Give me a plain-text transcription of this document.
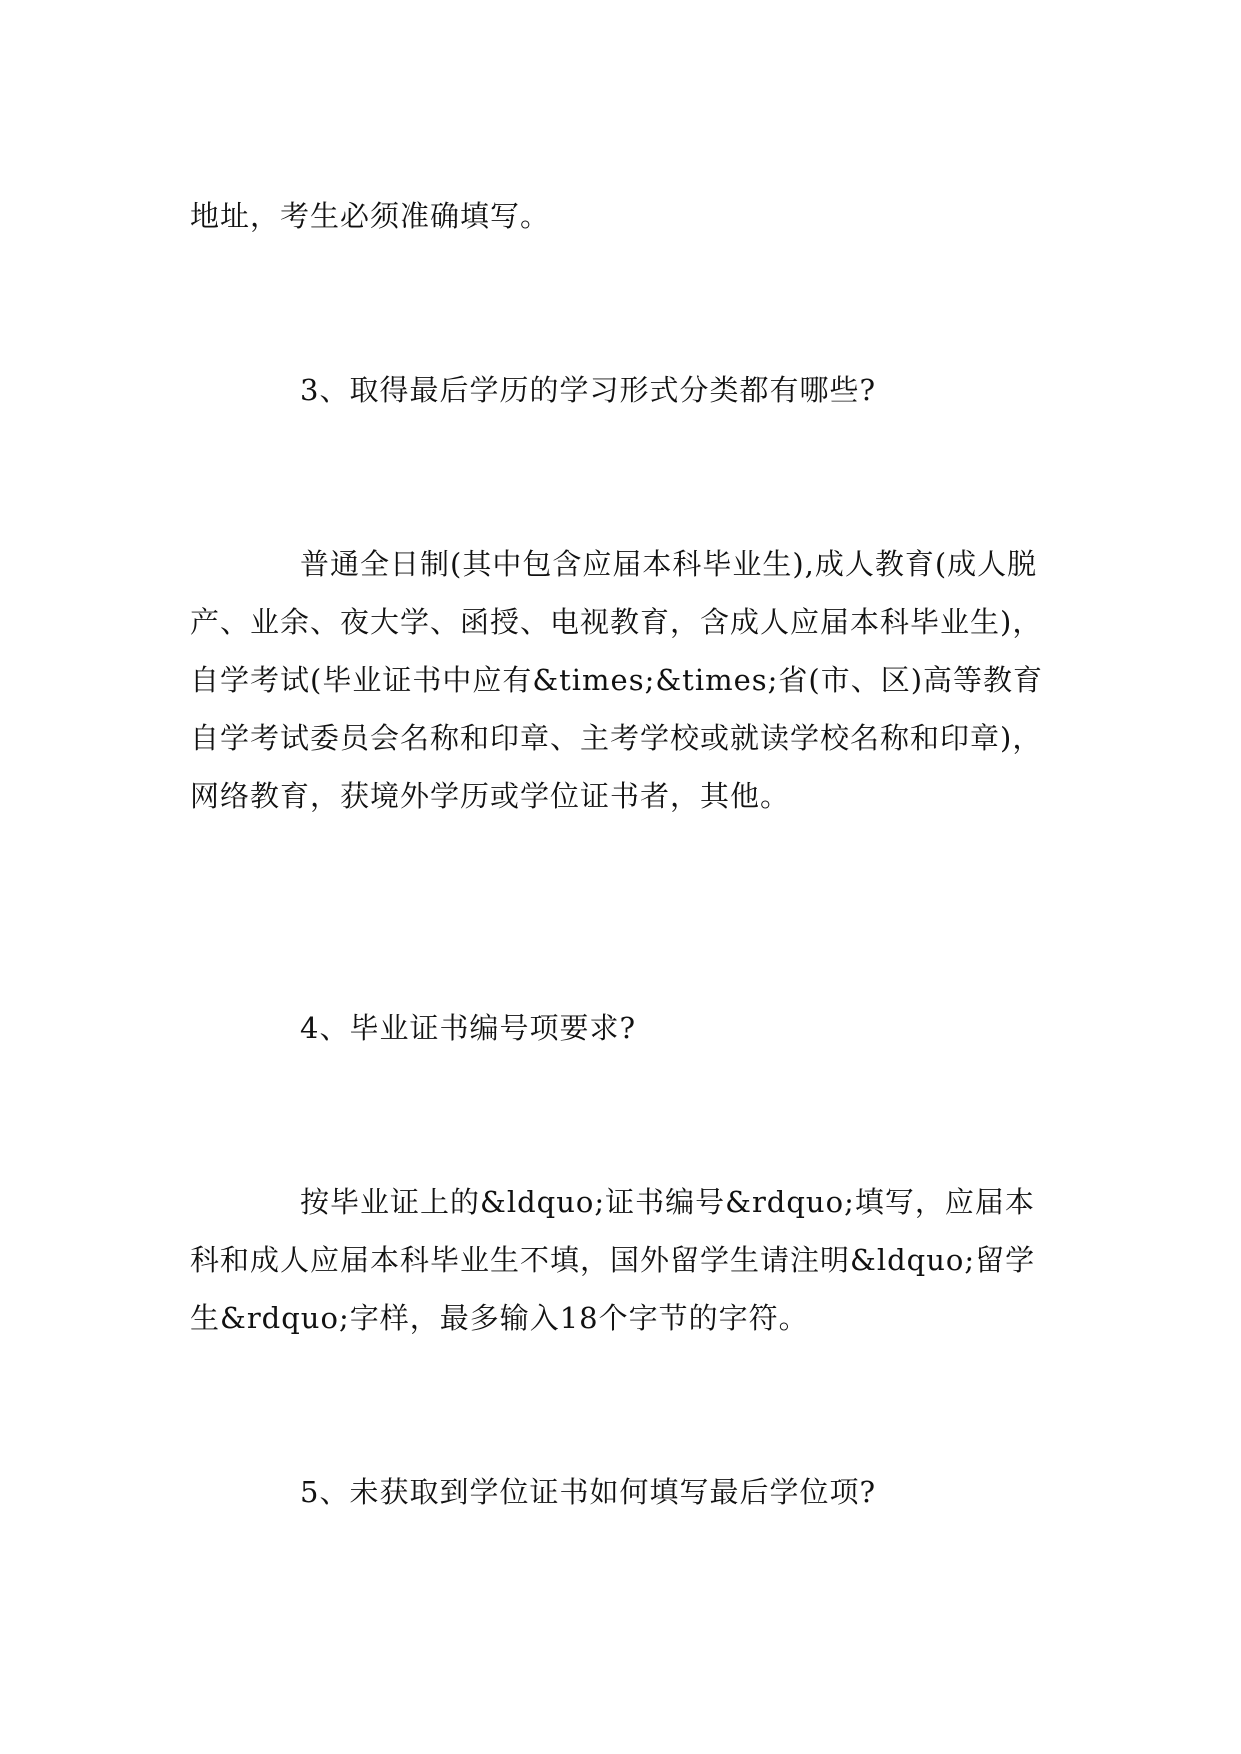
地址，考生必须准确填写。

3、取得最后学历的学习形式分类都有哪些?

普通全日制(其中包含应届本科毕业生),成人教育(成人脱产、业余、夜大学、函授、电视教育，含成人应届本科毕业生)，自学考试(毕业证书中应有&times;&times;省(市、区)高等教育自学考试委员会名称和印章、主考学校或就读学校名称和印章)，网络教育，获境外学历或学位证书者，其他。

4、毕业证书编号项要求?

按毕业证上的&ldquo;证书编号&rdquo;填写，应届本科和成人应届本科毕业生不填，国外留学生请注明&ldquo;留学生&rdquo;字样，最多输入18个字节的字符。

5、未获取到学位证书如何填写最后学位项?
